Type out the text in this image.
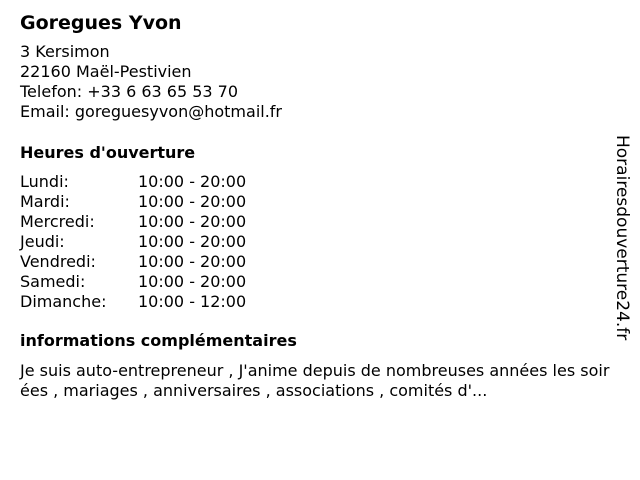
Goregues Yvon
3 Kersimon
22160 Maël-Pestivien
Telefon: +33 6 63 65 53 70
Email: goreguesyvon@hotmail.fr
Heures d'ouverture
Lundi:	10:00 - 20:00
Mardi:	10:00 - 20:00
Mercredi:	10:00 - 20:00
Jeudi:	10:00 - 20:00
Vendredi:	10:00 - 20:00
Samedi:	10:00 - 20:00
Dimanche:	10:00 - 12:00
informations complémentaires
Je suis auto-entrepreneur , J'anime depuis de nombreuses années les soirées , mariages , anniversaires , associations , comités d'...
Horairesdouverture24.fr
